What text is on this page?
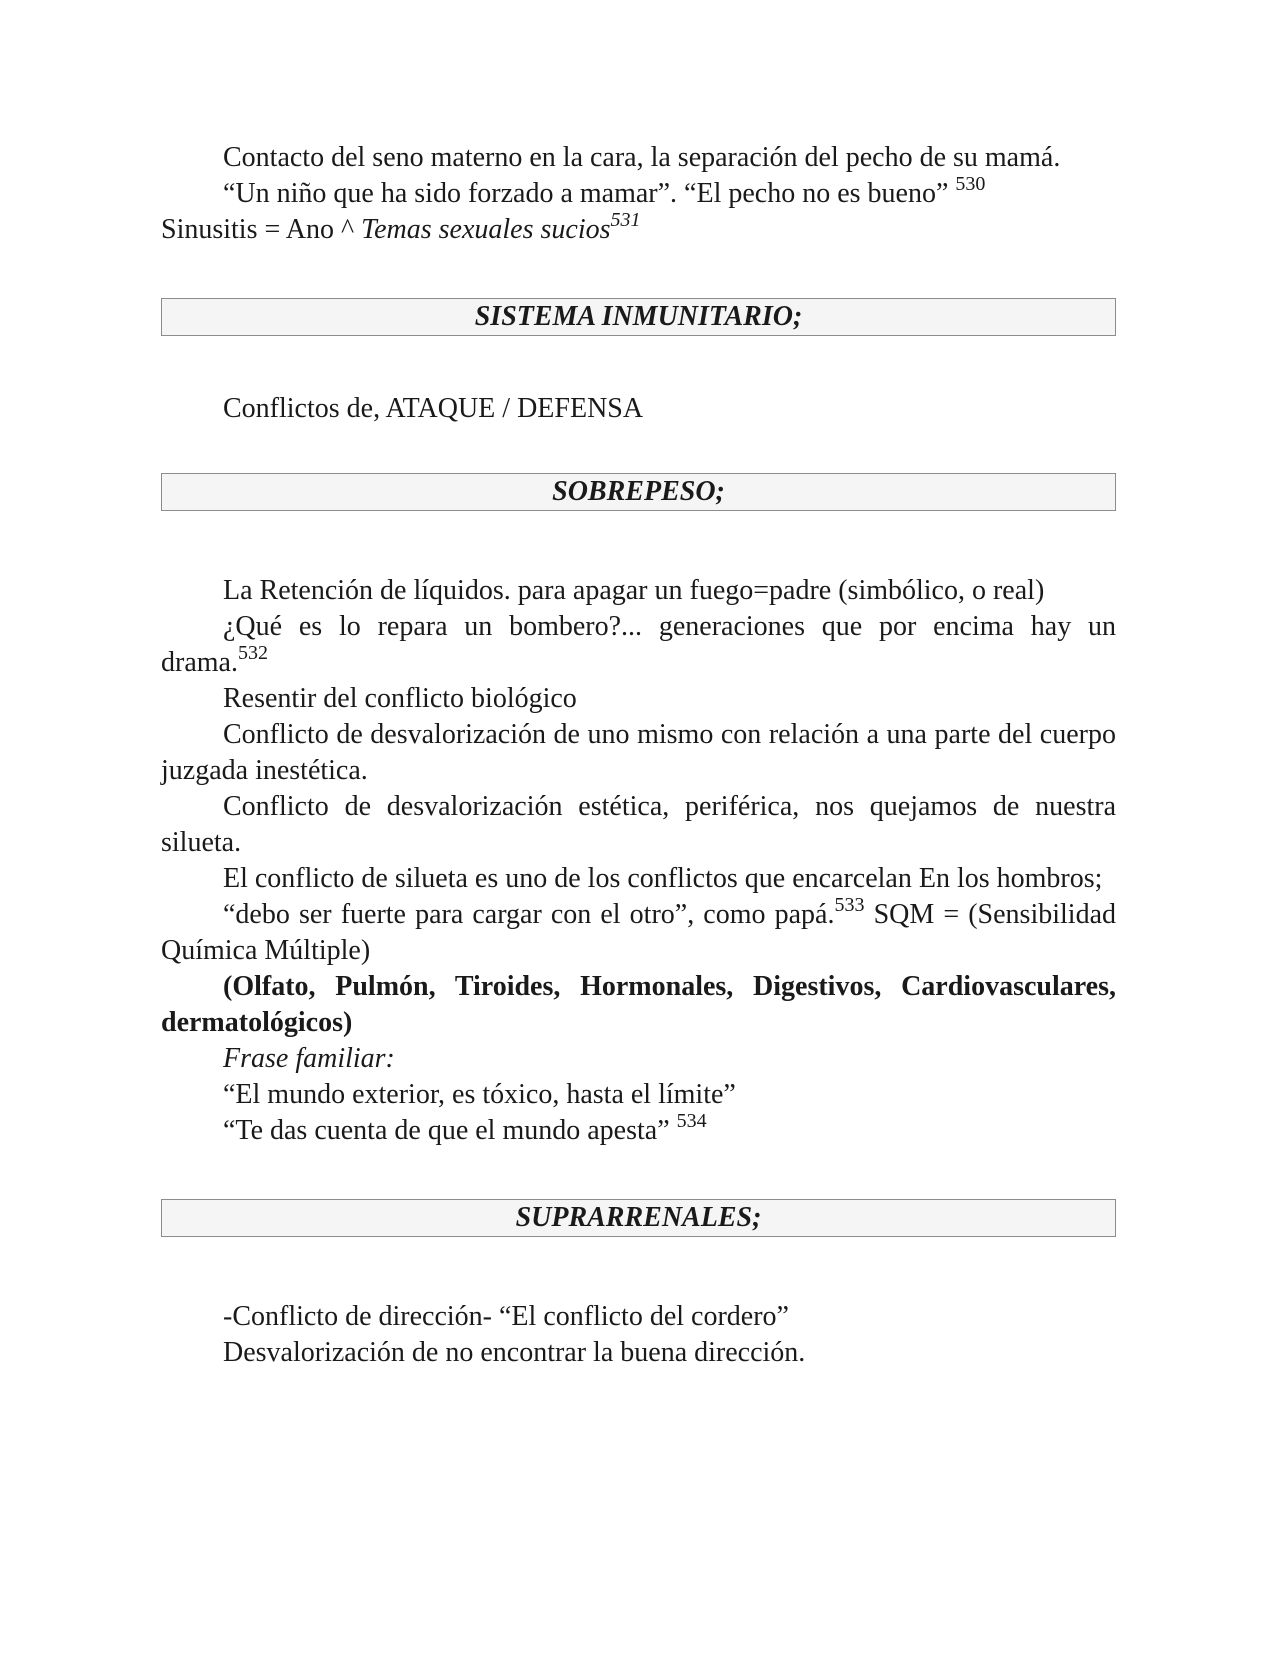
Contacto del seno materno en la cara, la separación del pecho de su mamá.

“Un niño que ha sido forzado a mamar”. “El pecho no es bueno” $^{530}$

Sinusitis = Ano ^ Temas sexuales sucios$^{531}$

SISTEMA INMUNITARIO;

Conflictos de, ATAQUE / DEFENSA

SOBREPESO;

La Retención de líquidos. para apagar un fuego=padre (simbólico, o real)

¿Qué es lo repara un bombero?... generaciones que por encima hay un drama.$^{532}$

Resentir del conflicto biológico

Conflicto de desvalorización de uno mismo con relación a una parte del cuerpo juzgada inestética.

Conflicto de desvalorización estética, periférica, nos quejamos de nuestra silueta.

El conflicto de silueta es uno de los conflictos que encarcelan En los hombros;

“debo ser fuerte para cargar con el otro”, como papá.$^{533}$ SQM = (Sensibilidad Química Múltiple)

(Olfato, Pulmón, Tiroides, Hormonales, Digestivos, Cardiovasculares, dermatológicos)

Frase familiar:

“El mundo exterior, es tóxico, hasta el límite”

“Te das cuenta de que el mundo apesta” $^{534}$

SUPRARRENALES;

-Conflicto de dirección- “El conflicto del cordero”

Desvalorización de no encontrar la buena dirección.
